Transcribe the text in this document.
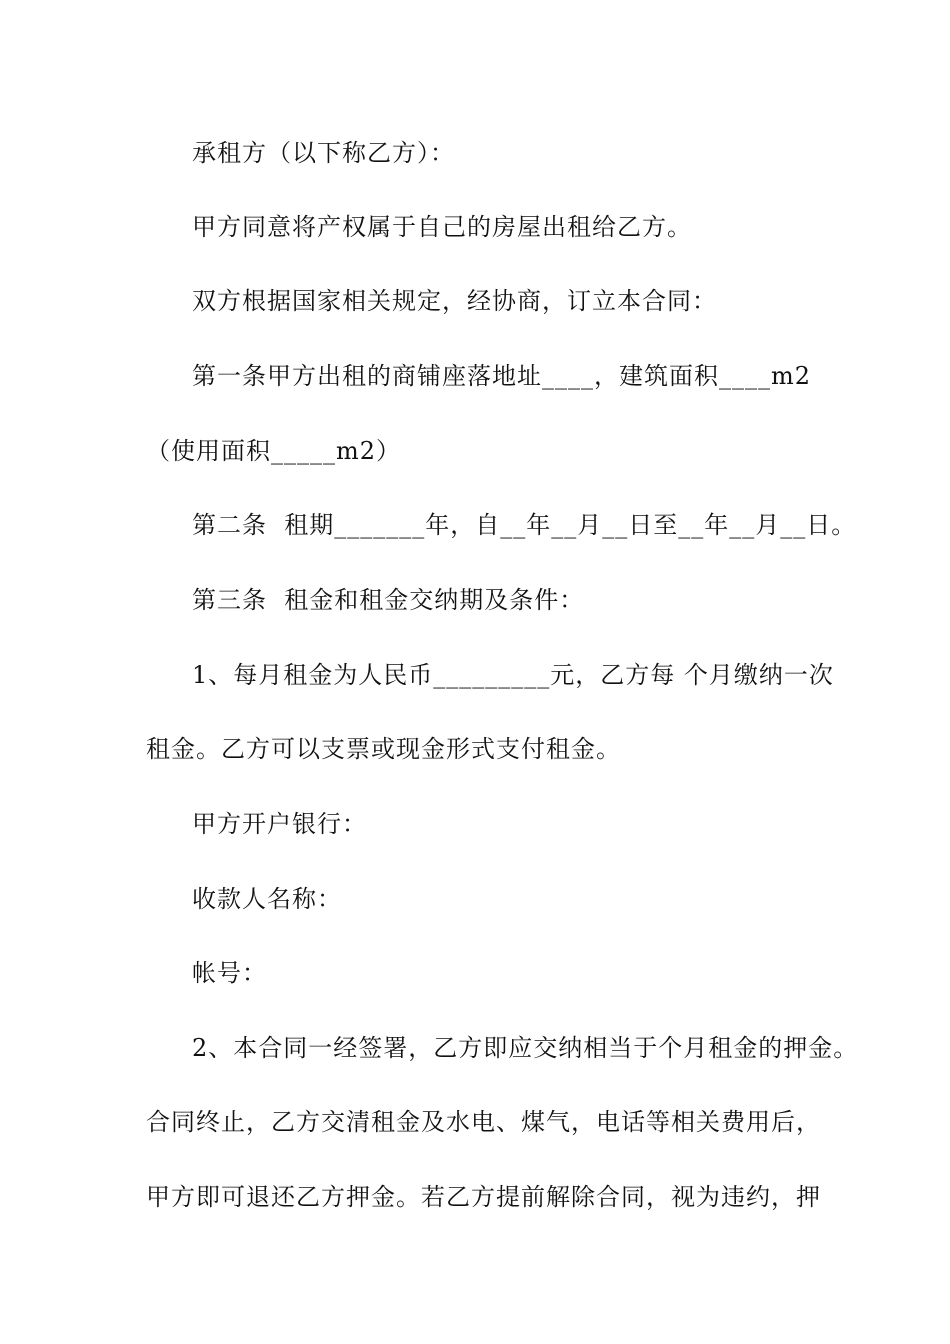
承租方（以下称乙方）：
甲方同意将产权属于自己的房屋出租给乙方。
双方根据国家相关规定，经协商，订立本合同：
第一条甲方出租的商铺座落地址____，建筑面积____m2
（使用面积_____m2）
第二条  租期_______年，自__年__月__日至__年__月__日。
第三条  租金和租金交纳期及条件：
1、每月租金为人民币_________元，乙方每 个月缴纳一次
租金。乙方可以支票或现金形式支付租金。
甲方开户银行：
收款人名称：
帐号：
2、本合同一经签署，乙方即应交纳相当于个月租金的押金。
合同终止，乙方交清租金及水电、煤气，电话等相关费用后，
甲方即可退还乙方押金。若乙方提前解除合同，视为违约，押
